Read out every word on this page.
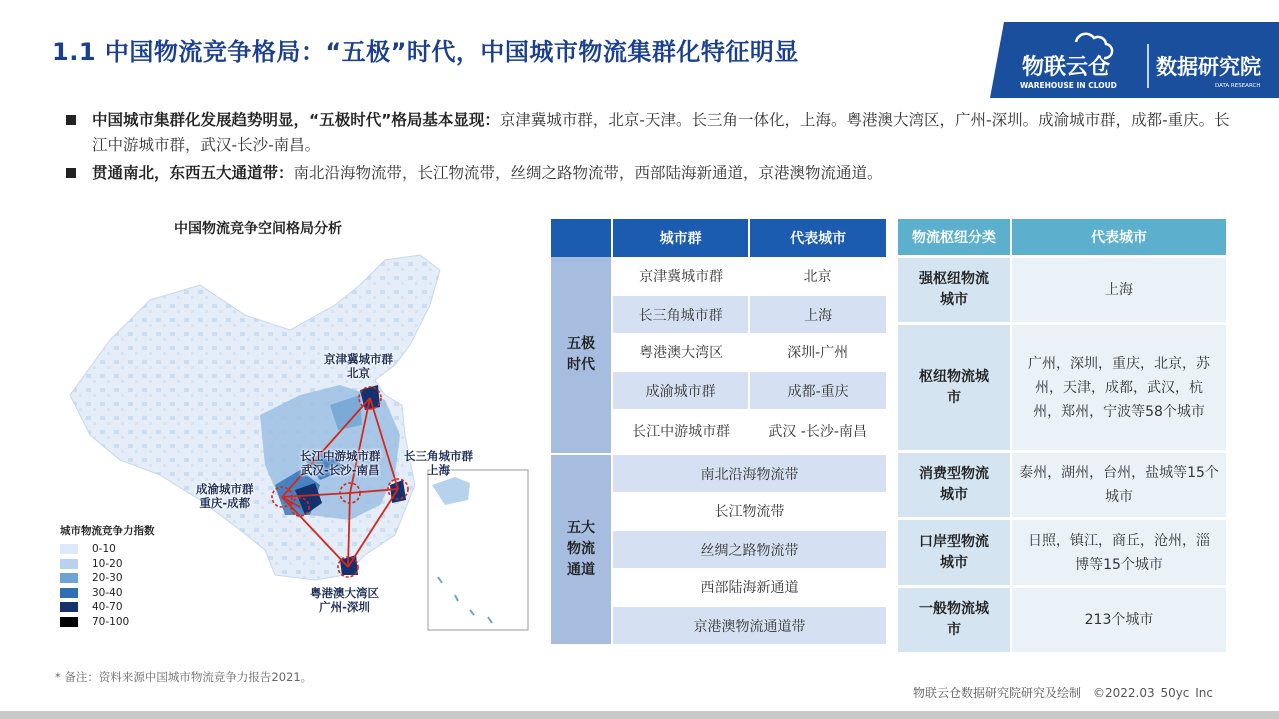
1.1 中国物流竞争格局：“五极”时代，中国城市物流集群化特征明显
物联云仓
WAREHOUSE IN CLOUD
数据研究院
DATA RESEARCH
中国城市集群化发展趋势明显，“五极时代”格局基本显现：京津冀城市群，北京-天津。长三角一体化，上海。粤港澳大湾区，广州-深圳。成渝城市群，成都-重庆。长江中游城市群，武汉-长沙-南昌。
贯通南北，东西五大通道带：南北沿海物流带，长江物流带，丝绸之路物流带，西部陆海新通道，京港澳物流通道。
中国物流竞争空间格局分析
京津冀城市群
北京
长江中游城市群
武汉-长沙-南昌
长三角城市群
上海
成渝城市群
重庆-成都
粤港澳大湾区
广州-深圳
城市物流竞争力指数
0-10
10-20
20-30
30-40
40-70
70-100
	城市群	代表城市

五极时代	京津冀城市群	北京
	长三角城市群	上海
	粤港澳大湾区	深圳-广州
	成渝城市群	成都-重庆
	长江中游城市群	武汉 -长沙-南昌

五大物流通道	南北沿海物流带	
	长江物流带	
	丝绸之路物流带	
	西部陆海新通道	
	京港澳物流通道带	
物流枢纽分类	代表城市

强枢纽物流城市	上海

枢纽物流城市	广州，深圳，重庆，北京，苏州，天津，成都，武汉，杭州，郑州，宁波等58个城市

消费型物流城市	泰州，湖州，台州，盐城等15个城市

口岸型物流城市	日照，镇江，商丘，沧州，淄博等15个城市

一般物流城市	213个城市
* 备注：资料来源中国城市物流竞争力报告2021。
物联云仓数据研究院研究及绘制　©2022.03 50yc Inc
